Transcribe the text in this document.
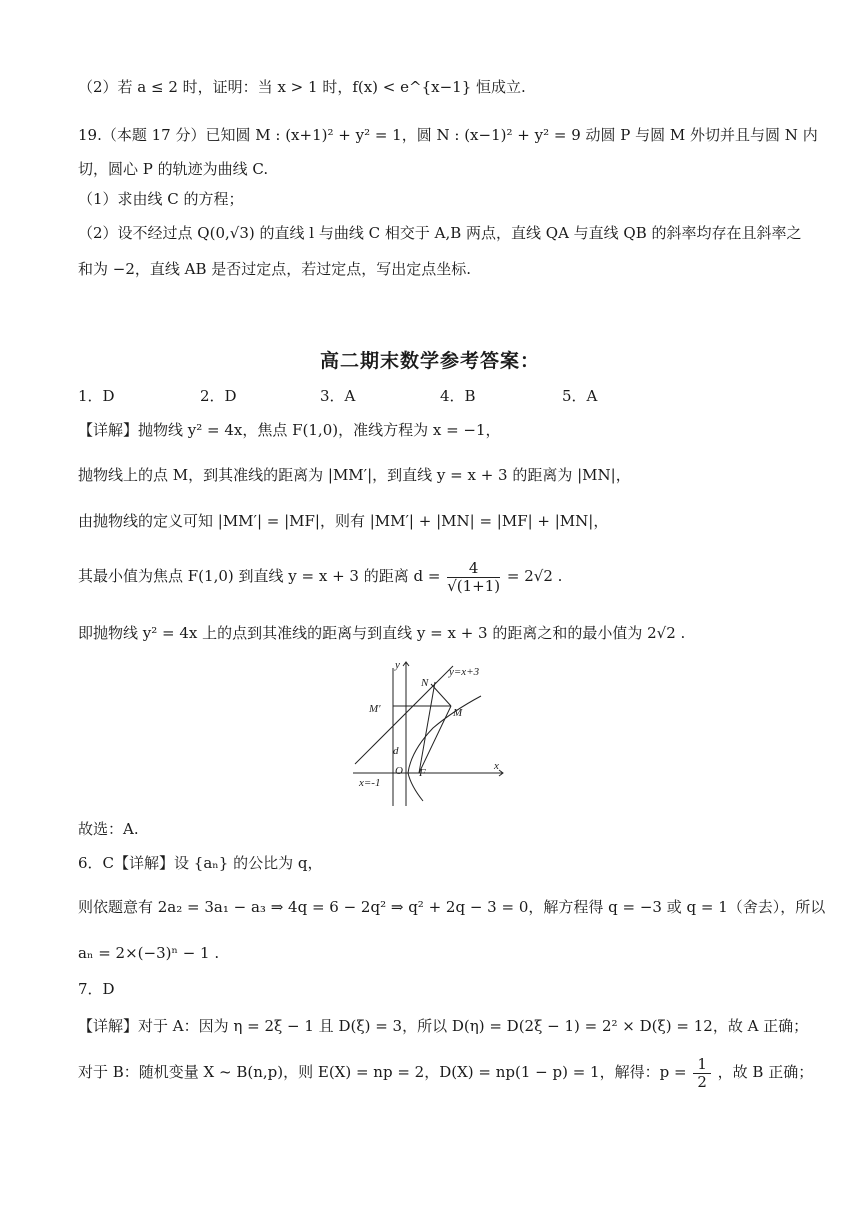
（2）若 a ≤ 2 时，证明：当 x > 1 时，f(x) < e^{x−1} 恒成立.
19.（本题 17 分）已知圆 M : (x+1)² + y² = 1，圆 N : (x−1)² + y² = 9 动圆 P 与圆 M 外切并且与圆 N 内
切，圆心 P 的轨迹为曲线 C.
（1）求由线 C 的方程；
（2）设不经过点 Q(0,√3) 的直线 l 与曲线 C 相交于 A,B 两点，直线 QA 与直线 QB 的斜率均存在且斜率之
和为 −2，直线 AB 是否过定点，若过定点，写出定点坐标.
高二期末数学参考答案：
1．D	2．D	3．A	4．B	5．A
【详解】抛物线 y² = 4x，焦点 F(1,0)，准线方程为 x = −1，
抛物线上的点 M，到其准线的距离为 |MM′|，到直线 y = x + 3 的距离为 |MN|，
由抛物线的定义可知 |MM′| = |MF|，则有 |MM′| + |MN| = |MF| + |MN|，
其最小值为焦点 F(1,0) 到直线 y = x + 3 的距离 $d = \frac{4}{√(1+1)} = 2√2$ .
即抛物线 y² = 4x 上的点到其准线的距离与到直线 y = x + 3 的距离之和的最小值为 2√2 .
y
y=x+3
N
M′	M
d
O F
x
x=-1
故选：A.
6．C【详解】设 {aₙ} 的公比为 q，
则依题意有 2a₂ = 3a₁ − a₃ ⇒ 4q = 6 − 2q² ⇒ q² + 2q − 3 = 0，解方程得 q = −3 或 q = 1（舍去），所以
aₙ = 2×(−3)ⁿ − 1 .
7．D
【详解】对于 A：因为 η = 2ξ − 1 且 D(ξ) = 3，所以 D(η) = D(2ξ − 1) = 2² × D(ξ) = 12，故 A 正确；
对于 B：随机变量 X ~ B(n,p)，则 E(X) = np = 2，D(X) = np(1 − p) = 1，解得：$p = \frac{1}{2}$ ，故 B 正确；
